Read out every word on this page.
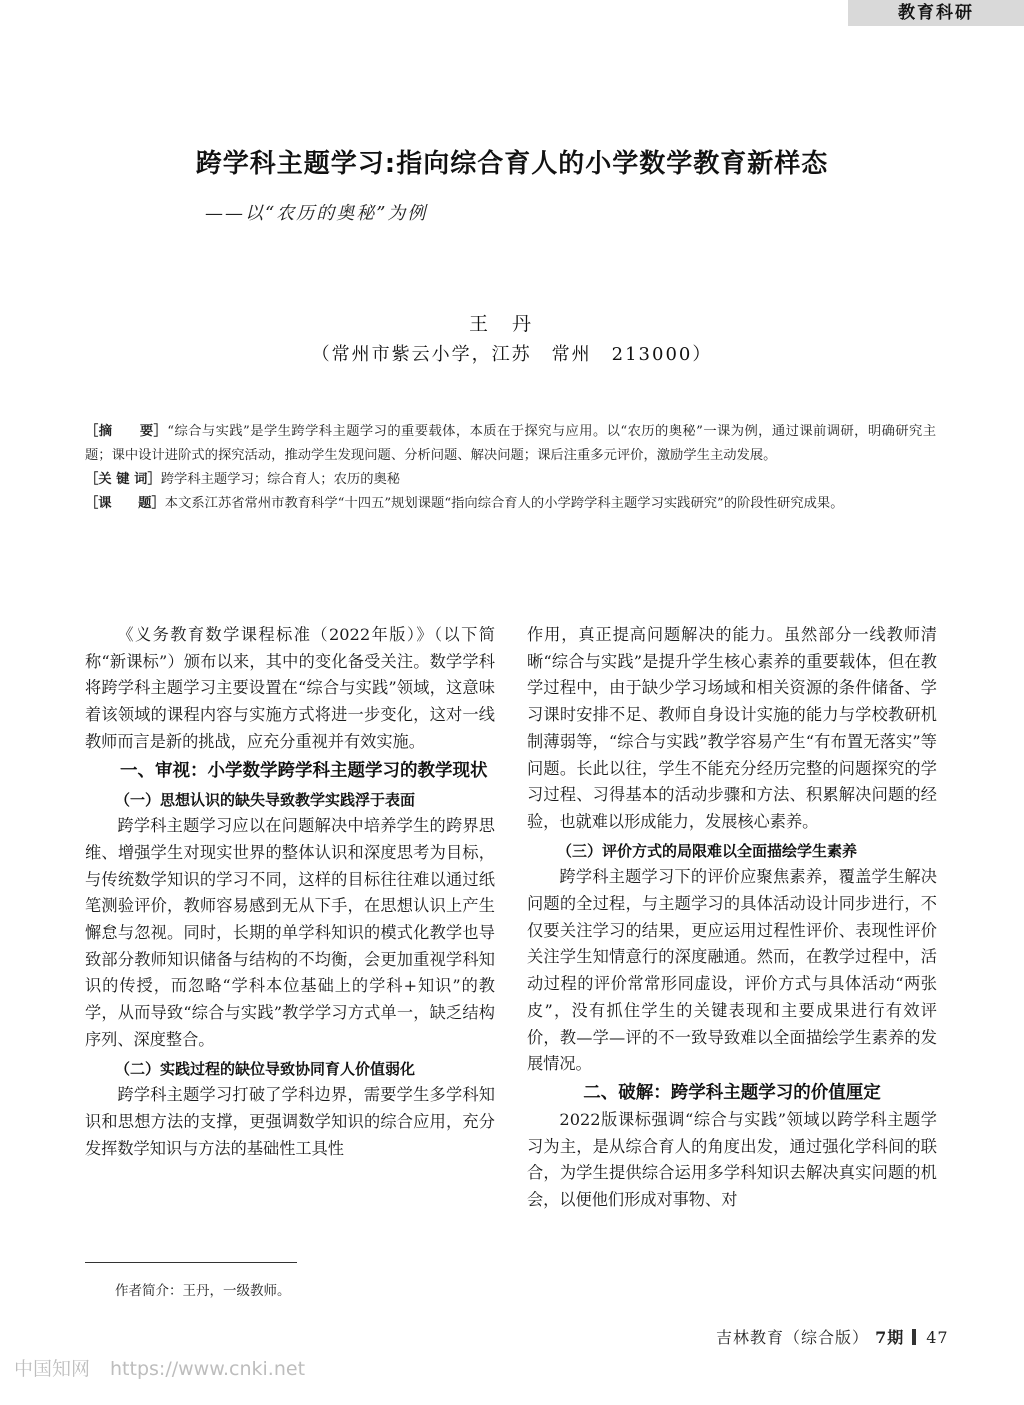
教育科研
跨学科主题学习:指向综合育人的小学数学教育新样态
——以“农历的奥秘”为例
王丹
（常州市紫云小学，江苏　常州　213000）

［摘　　要］“综合与实践”是学生跨学科主题学习的重要载体，本质在于探究与应用。以“农历的奥秘”一课为例，通过课前调研，明确研究主题；课中设计进阶式的探究活动，推动学生发现问题、分析问题、解决问题；课后注重多元评价，激励学生主动发展。

［关 键 词］跨学科主题学习；综合育人；农历的奥秘

［课　　题］本文系江苏省常州市教育科学“十四五”规划课题“指向综合育人的小学跨学科主题学习实践研究”的阶段性研究成果。

《义务教育数学课程标准（2022年版）》（以下简称“新课标”）颁布以来，其中的变化备受关注。数学学科将跨学科主题学习主要设置在“综合与实践”领域，这意味着该领域的课程内容与实施方式将进一步变化，这对一线教师而言是新的挑战，应充分重视并有效实施。

一、审视：小学数学跨学科主题学习的教学现状
（一）思想认识的缺失导致教学实践浮于表面

跨学科主题学习应以在问题解决中培养学生的跨界思维、增强学生对现实世界的整体认识和深度思考为目标，与传统数学知识的学习不同，这样的目标往往难以通过纸笔测验评价，教师容易感到无从下手，在思想认识上产生懈怠与忽视。同时，长期的单学科知识的模式化教学也导致部分教师知识储备与结构的不均衡，会更加重视学科知识的传授，而忽略“学科本位基础上的学科+知识”的教学，从而导致“综合与实践”教学学习方式单一，缺乏结构序列、深度整合。

（二）实践过程的缺位导致协同育人价值弱化

跨学科主题学习打破了学科边界，需要学生多学科知识和思想方法的支撑，更强调数学知识的综合应用，充分发挥数学知识与方法的基础性工具性

作用，真正提高问题解决的能力。虽然部分一线教师清晰“综合与实践”是提升学生核心素养的重要载体，但在教学过程中，由于缺少学习场域和相关资源的条件储备、学习课时安排不足、教师自身设计实施的能力与学校教研机制薄弱等，“综合与实践”教学容易产生“有布置无落实”等问题。长此以往，学生不能充分经历完整的问题探究的学习过程、习得基本的活动步骤和方法、积累解决问题的经验，也就难以形成能力，发展核心素养。

（三）评价方式的局限难以全面描绘学生素养

跨学科主题学习下的评价应聚焦素养，覆盖学生解决问题的全过程，与主题学习的具体活动设计同步进行，不仅要关注学习的结果，更应运用过程性评价、表现性评价关注学生知情意行的深度融通。然而，在教学过程中，活动过程的评价常常形同虚设，评价方式与具体活动“两张皮”，没有抓住学生的关键表现和主要成果进行有效评价，教—学—评的不一致导致难以全面描绘学生素养的发展情况。

二、破解：跨学科主题学习的价值厘定

2022版课标强调“综合与实践”领域以跨学科主题学习为主，是从综合育人的角度出发，通过强化学科间的联合，为学生提供综合运用多学科知识去解决真实问题的机会，以便他们形成对事物、对

作者简介：王丹，一级教师。
吉林教育（综合版） 7期 47
中国知网 https://www.cnki.net
